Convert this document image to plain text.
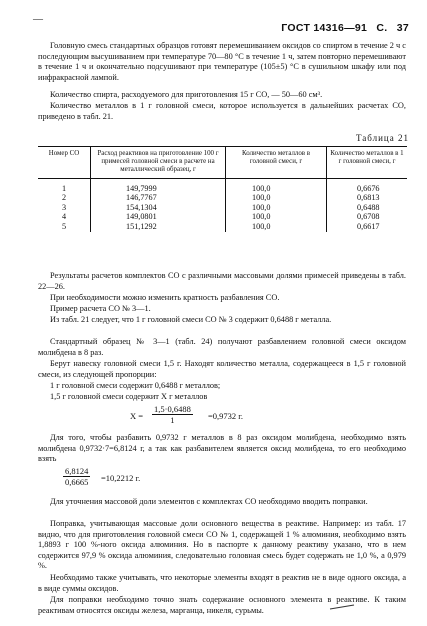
—
ГОСТ 14316—91 С. 37
Головную смесь стандартных образцов готовят перемешиванием оксидов со спиртом в течение 2 ч с последующим высушиванием при температуре 70—80 °С в течение 1 ч, затем повторно перемешивают в течение 1 ч и окончательно подсушивают при температуре (105±5) °С в сушильном шкафу или под инфракрасной лампой.
Количество спирта, расходуемого для приготовления 15 г СО, — 50—60 см³.
Количество металлов в 1 г головной смеси, которое используется в дальнейших расчетах СО, приведено в табл. 21.
Таблица 21
Номер СО	Расход реактивов на приготовление 100 г примесей головной смеси в расчете на металлический образец, г	Количество металлов в головной смеси, г	Количество металлов в 1 г головной смеси, г
1	149,7999	100,0	0,6676
2	146,7767	100,0	0,6813
3	154,1304	100,0	0,6488
4	149,0801	100,0	0,6708
5	151,1292	100,0	0,6617
Результаты расчетов комплектов СО с различными массовыми долями примесей приведены в табл. 22—26.
При необходимости можно изменить кратность разбавления СО.
Пример расчета СО № 3—1.
Из табл. 21 следует, что 1 г головной смеси СО № 3 содержит 0,6488 г металла.
Стандартный образец № 3—1 (табл. 24) получают разбавлением головной смеси оксидом молибдена в 8 раз.
Берут навеску головной смеси 1,5 г. Находят количество металла, содержащееся в 1,5 г головной смеси, из следующей пропорции:
1 г головной смеси содержит 0,6488 г металлов;
1,5 г головной смеси содержит X г металлов
$X = \frac{1,5\cdot 0,6488}{1} =0,9732$ г.
Для того, чтобы разбавить 0,9732 г металлов в 8 раз оксидом молибдена, необходимо взять молибдена 0,9732·7=6,8124 г, а так как разбавителем является оксид молибдена, то его необходимо взять
$\frac{6,8124}{0,6665} =10,2212$ г.
Для уточнения массовой доли элементов с комплектах СО необходимо вводить поправки.
Поправка, учитывающая массовые доли основного вещества в реактиве. Например: из табл. 17 видно, что для приготовления головной смеси СО № 1, содержащей 1 % алюминия, необходимо взять 1,8893 г 100 %-ного оксида алюминия. Но в паспорте к данному реактиву указано, что в нем содержится 97,9 % оксида алюминия, следовательно головная смесь будет содержать не 1,0 %, а 0,979 %.
Необходимо также учитывать, что некоторые элементы входят в реактив не в виде одного оксида, а в виде суммы оксидов.
Для поправки необходимо точно знать содержание основного элемента в реактиве. К таким реактивам относятся оксиды железа, марганца, никеля, сурьмы.
